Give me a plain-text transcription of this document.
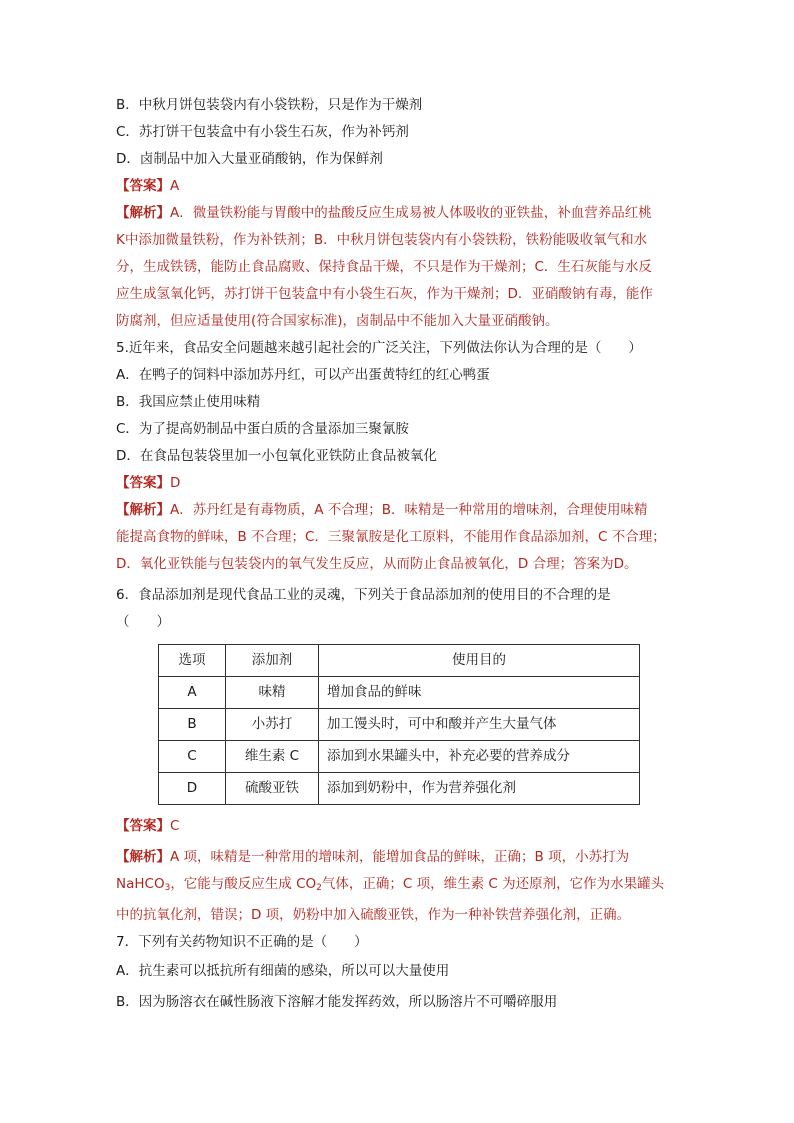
B．中秋月饼包装袋内有小袋铁粉，只是作为干燥剂
C．苏打饼干包装盒中有小袋生石灰，作为补钙剂
D．卤制品中加入大量亚硝酸钠，作为保鲜剂
【答案】A
【解析】A．微量铁粉能与胃酸中的盐酸反应生成易被人体吸收的亚铁盐，补血营养品红桃
K中添加微量铁粉，作为补铁剂；B．中秋月饼包装袋内有小袋铁粉，铁粉能吸收氧气和水
分，生成铁锈，能防止食品腐败、保持食品干燥，不只是作为干燥剂；C．生石灰能与水反
应生成氢氧化钙，苏打饼干包装盒中有小袋生石灰，作为干燥剂；D．亚硝酸钠有毒，能作
防腐剂，但应适量使用(符合国家标准)，卤制品中不能加入大量亚硝酸钠。
5.近年来，食品安全问题越来越引起社会的广泛关注，下列做法你认为合理的是（　　）
A．在鸭子的饲料中添加苏丹红，可以产出蛋黄特红的红心鸭蛋
B．我国应禁止使用味精
C．为了提高奶制品中蛋白质的含量添加三聚氰胺
D．在食品包装袋里加一小包氧化亚铁防止食品被氧化
【答案】D
【解析】A．苏丹红是有毒物质，A 不合理；B．味精是一种常用的增味剂，合理使用味精
能提高食物的鲜味，B 不合理；C．三聚氰胺是化工原料，不能用作食品添加剂，C 不合理；
D．氧化亚铁能与包装袋内的氧气发生反应，从而防止食品被氧化，D 合理；答案为D。
6．食品添加剂是现代食品工业的灵魂，下列关于食品添加剂的使用目的不合理的是
（　　）
选项	添加剂	使用目的
A	味精	增加食品的鲜味
B	小苏打	加工馒头时，可中和酸并产生大量气体
C	维生素 C	添加到水果罐头中，补充必要的营养成分
D	硫酸亚铁	添加到奶粉中，作为营养强化剂
【答案】C
【解析】A 项，味精是一种常用的增味剂，能增加食品的鲜味，正确；B 项，小苏打为
NaHCO$_3$，它能与酸反应生成 $CO_2$气体，正确；C 项，维生素 C 为还原剂，它作为水果罐头
中的抗氧化剂，错误；D 项，奶粉中加入硫酸亚铁，作为一种补铁营养强化剂，正确。
7．下列有关药物知识不正确的是（　　）
A．抗生素可以抵抗所有细菌的感染，所以可以大量使用
B．因为肠溶衣在碱性肠液下溶解才能发挥药效，所以肠溶片不可嚼碎服用
